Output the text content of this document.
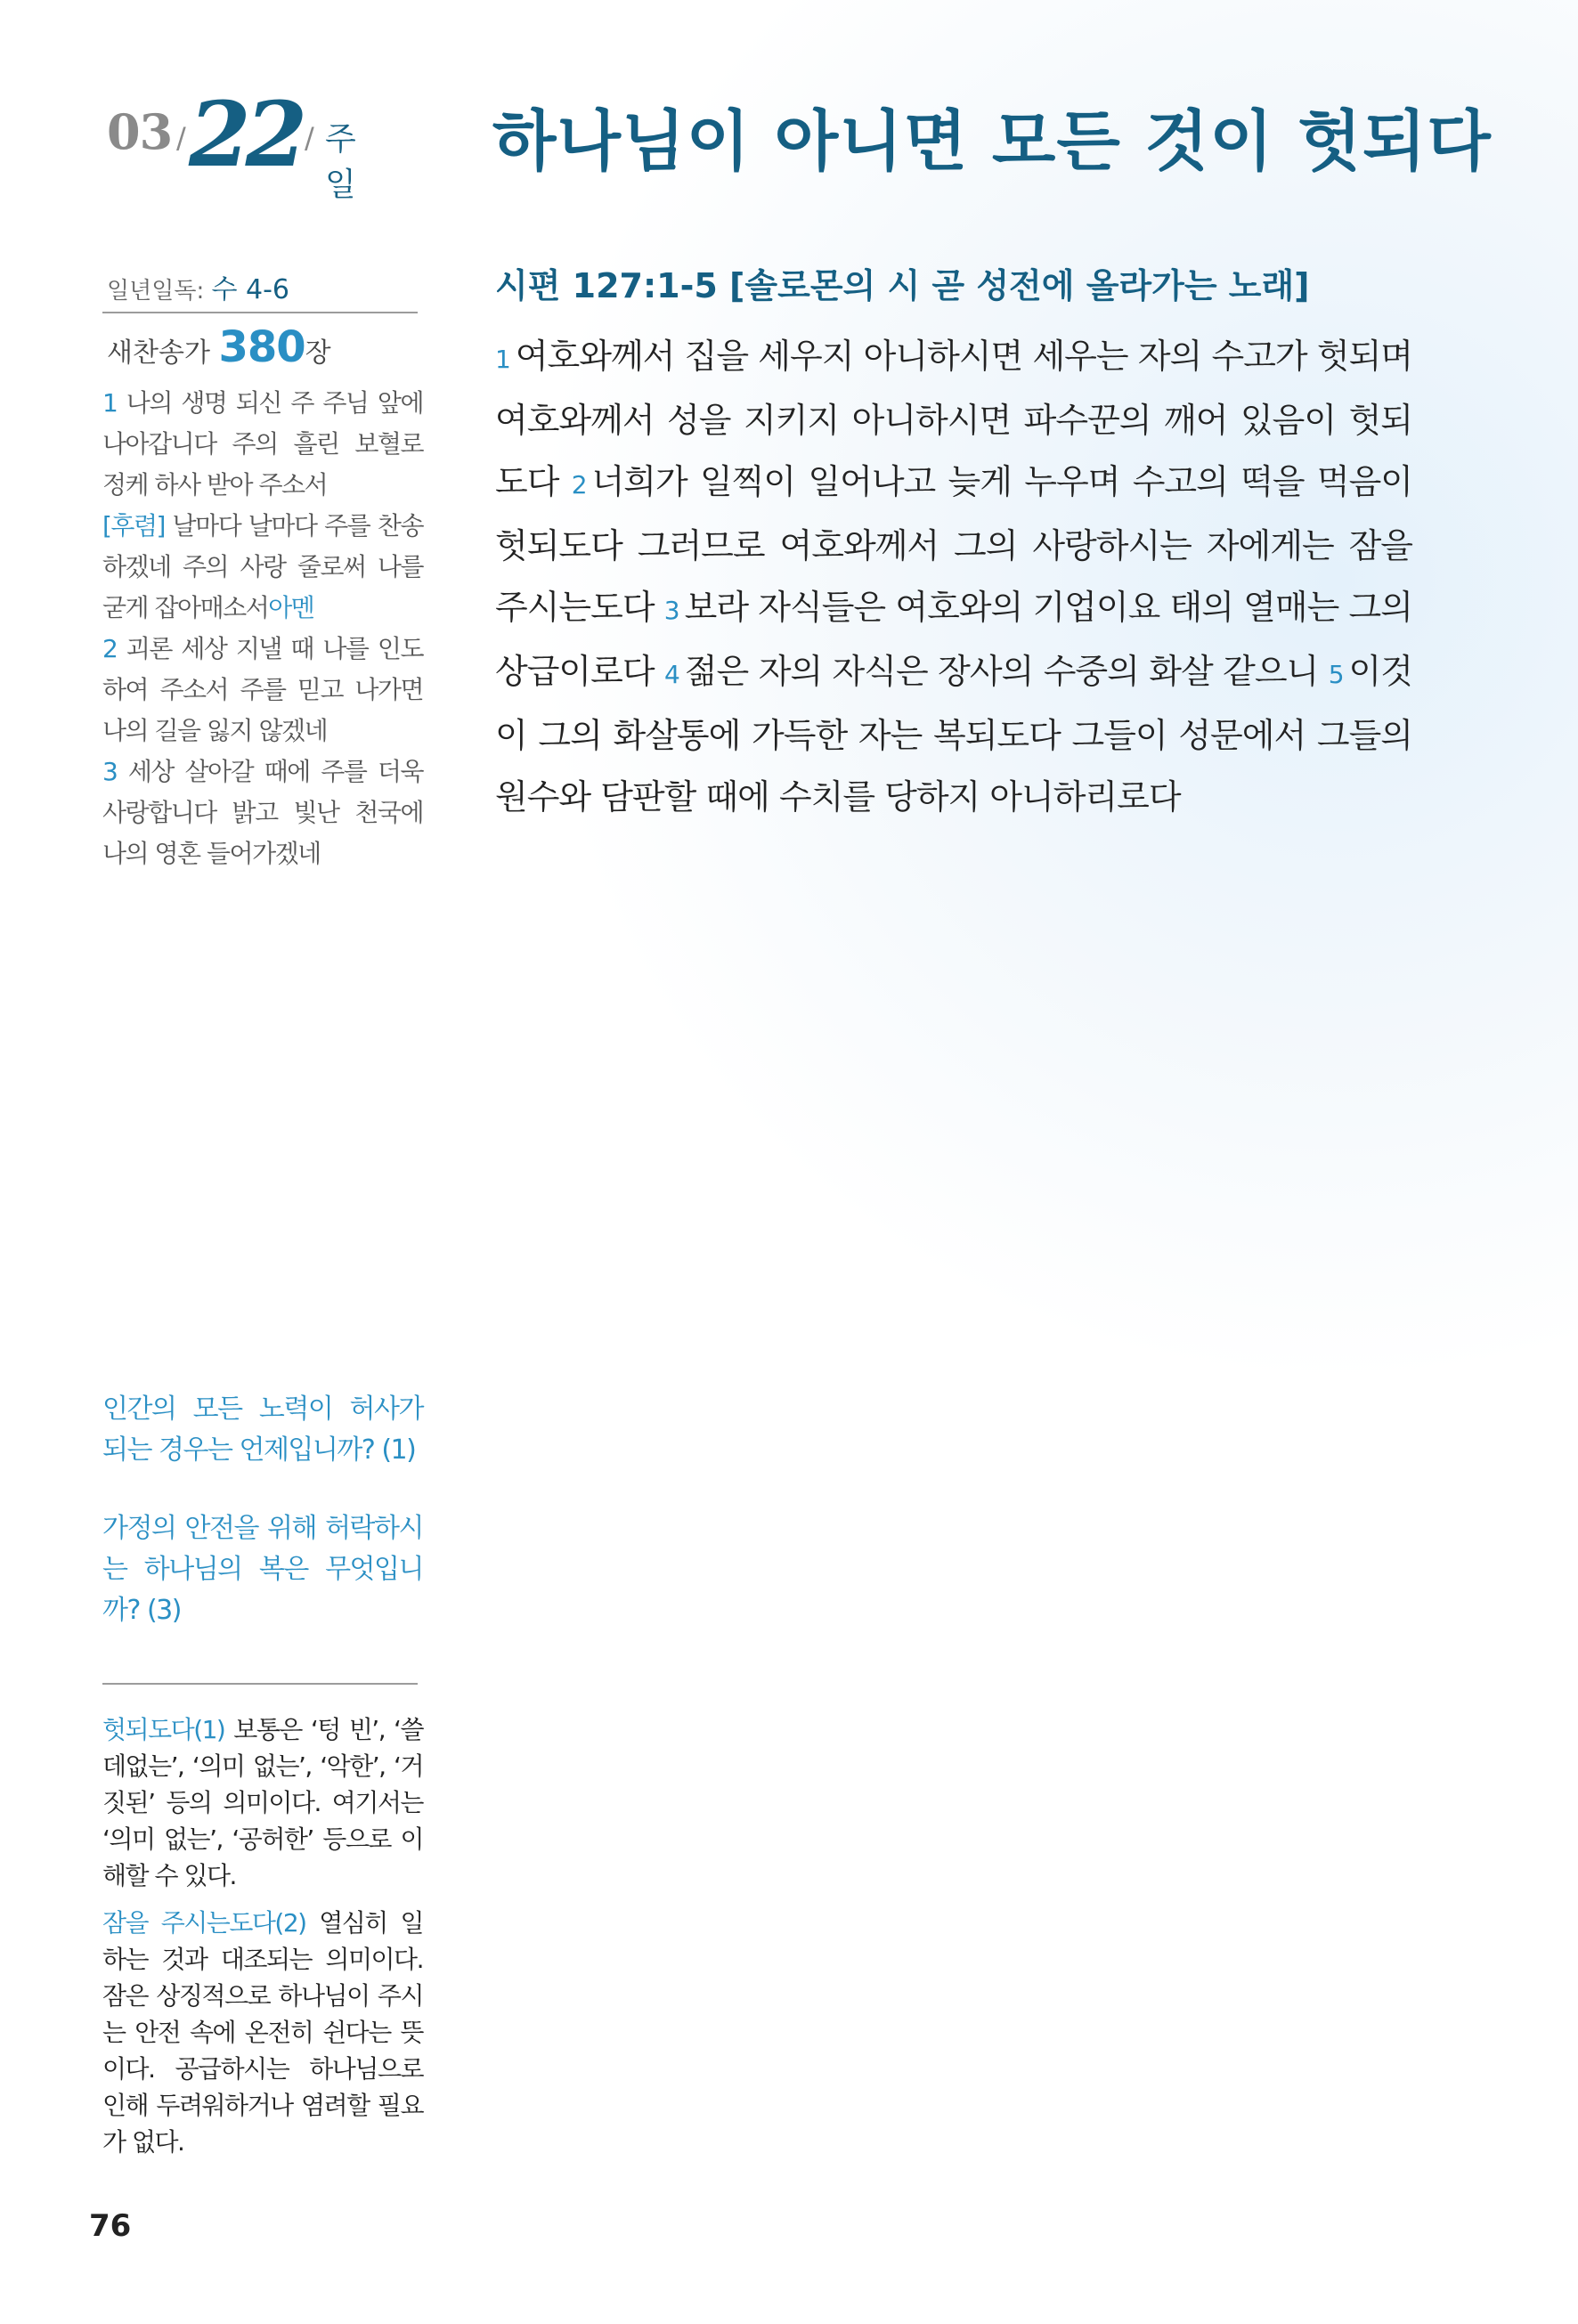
03 / 22 / 주일
하나님이 아니면 모든 것이 헛되다
일년일독: 수 4-6
새찬송가 380장

1 나의 생명 되신 주 주님 앞에 나아갑니다 주의 흘린 보혈로 정케 하사 받아 주소서

[후렴] 날마다 날마다 주를 찬송하겠네 주의 사랑 줄로써 나를 굳게 잡아매소서아멘

2 괴론 세상 지낼 때 나를 인도하여 주소서 주를 믿고 나가면 나의 길을 잃지 않겠네

3 세상 살아갈 때에 주를 더욱 사랑합니다 밝고 빛난 천국에 나의 영혼 들어가겠네

시편 127:1-5 [솔로몬의 시 곧 성전에 올라가는 노래]
1 여호와께서 집을 세우지 아니하시면 세우는 자의 수고가 헛되며 여호와께서 성을 지키지 아니하시면 파수꾼의 깨어 있음이 헛되도다 2 너희가 일찍이 일어나고 늦게 누우며 수고의 떡을 먹음이 헛되도다 그러므로 여호와께서 그의 사랑하시는 자에게는 잠을 주시는도다 3 보라 자식들은 여호와의 기업이요 태의 열매는 그의 상급이로다 4 젊은 자의 자식은 장사의 수중의 화살 같으니 5 이것이 그의 화살통에 가득한 자는 복되도다 그들이 성문에서 그들의 원수와 담판할 때에 수치를 당하지 아니하리로다

인간의 모든 노력이 허사가 되는 경우는 언제입니까? (1)

가정의 안전을 위해 허락하시는 하나님의 복은 무엇입니까? (3)

헛되도다(1) 보통은 ‘텅 빈’, ‘쓸데없는’, ‘의미 없는’, ‘악한’, ‘거짓된’ 등의 의미이다. 여기서는 ‘의미 없는’, ‘공허한’ 등으로 이해할 수 있다.

잠을 주시는도다(2) 열심히 일하는 것과 대조되는 의미이다. 잠은 상징적으로 하나님이 주시는 안전 속에 온전히 쉰다는 뜻이다. 공급하시는 하나님으로 인해 두려워하거나 염려할 필요가 없다.

76
